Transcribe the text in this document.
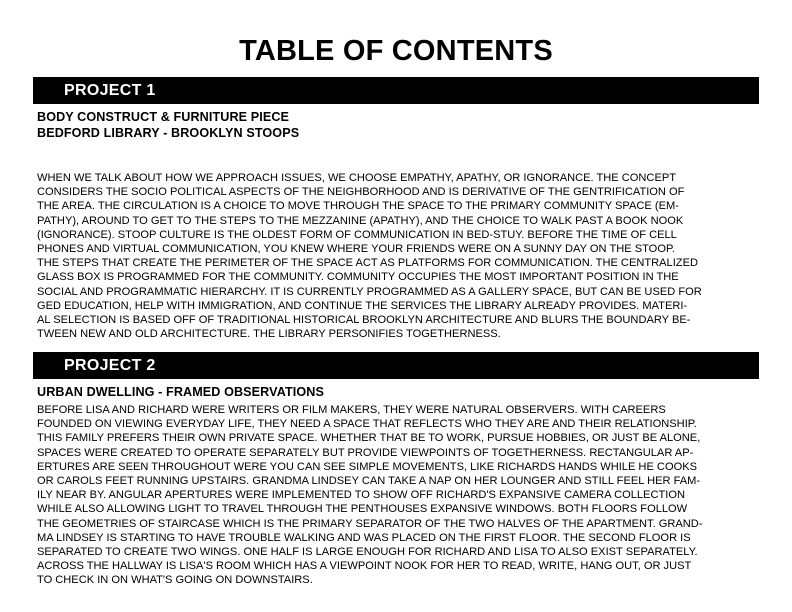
TABLE OF CONTENTS
PROJECT 1

BODY CONSTRUCT & FURNITURE PIECE

BEDFORD LIBRARY - BROOKLYN STOOPS

WHEN WE TALK ABOUT HOW WE APPROACH ISSUES, WE CHOOSE EMPATHY, APATHY, OR IGNORANCE. THE CONCEPT
CONSIDERS THE SOCIO POLITICAL ASPECTS OF THE NEIGHBORHOOD AND IS DERIVATIVE OF THE GENTRIFICATION OF
THE AREA. THE CIRCULATION IS A CHOICE TO MOVE THROUGH THE SPACE TO THE PRIMARY COMMUNITY SPACE (EM-
PATHY), AROUND TO GET TO THE STEPS TO THE MEZZANINE (APATHY), AND THE CHOICE TO WALK PAST A BOOK NOOK
(IGNORANCE). STOOP CULTURE IS THE OLDEST FORM OF COMMUNICATION IN BED-STUY. BEFORE THE TIME OF CELL
PHONES AND VIRTUAL COMMUNICATION, YOU KNEW WHERE YOUR FRIENDS WERE ON A SUNNY DAY ON THE STOOP.
THE STEPS THAT CREATE THE PERIMETER OF THE SPACE ACT AS PLATFORMS FOR COMMUNICATION. THE CENTRALIZED
GLASS BOX IS PROGRAMMED FOR THE COMMUNITY. COMMUNITY OCCUPIES THE MOST IMPORTANT POSITION IN THE
SOCIAL AND PROGRAMMATIC HIERARCHY. IT IS CURRENTLY PROGRAMMED AS A GALLERY SPACE, BUT CAN BE USED FOR
GED EDUCATION, HELP WITH IMMIGRATION, AND CONTINUE THE SERVICES THE LIBRARY ALREADY PROVIDES. MATERI-
AL SELECTION IS BASED OFF OF TRADITIONAL HISTORICAL BROOKLYN ARCHITECTURE AND BLURS THE BOUNDARY BE-
TWEEN NEW AND OLD ARCHITECTURE. THE LIBRARY PERSONIFIES TOGETHERNESS.
PROJECT 2

URBAN DWELLING - FRAMED OBSERVATIONS

BEFORE LISA AND RICHARD WERE WRITERS OR FILM MAKERS, THEY WERE NATURAL OBSERVERS. WITH CAREERS
FOUNDED ON VIEWING EVERYDAY LIFE, THEY NEED A SPACE THAT REFLECTS WHO THEY ARE AND THEIR RELATIONSHIP.
THIS FAMILY PREFERS THEIR OWN PRIVATE SPACE. WHETHER THAT BE TO WORK, PURSUE HOBBIES, OR JUST BE ALONE,
SPACES WERE CREATED TO OPERATE SEPARATELY BUT PROVIDE VIEWPOINTS OF TOGETHERNESS. RECTANGULAR AP-
ERTURES ARE SEEN THROUGHOUT WERE YOU CAN SEE SIMPLE MOVEMENTS, LIKE RICHARDS HANDS WHILE HE COOKS
OR CAROLS FEET RUNNING UPSTAIRS. GRANDMA LINDSEY CAN TAKE A NAP ON HER LOUNGER AND STILL FEEL HER FAM-
ILY NEAR BY. ANGULAR APERTURES WERE IMPLEMENTED TO SHOW OFF RICHARD'S EXPANSIVE CAMERA COLLECTION
WHILE ALSO ALLOWING LIGHT TO TRAVEL THROUGH THE PENTHOUSES EXPANSIVE WINDOWS. BOTH FLOORS FOLLOW
THE GEOMETRIES OF STAIRCASE WHICH IS THE PRIMARY SEPARATOR OF THE TWO HALVES OF THE APARTMENT. GRAND-
MA LINDSEY IS STARTING TO HAVE TROUBLE WALKING AND WAS PLACED ON THE FIRST FLOOR. THE SECOND FLOOR IS
SEPARATED TO CREATE TWO WINGS. ONE HALF IS LARGE ENOUGH FOR RICHARD AND LISA TO ALSO EXIST SEPARATELY.
ACROSS THE HALLWAY IS LISA'S ROOM WHICH HAS A VIEWPOINT NOOK FOR HER TO READ, WRITE, HANG OUT, OR JUST
TO CHECK IN ON WHAT'S GOING ON DOWNSTAIRS.
